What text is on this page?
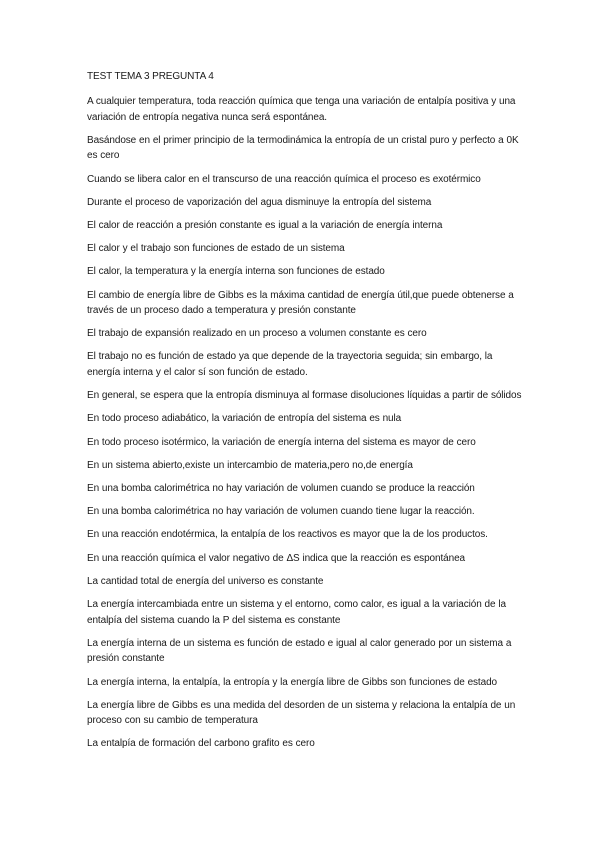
TEST TEMA 3 PREGUNTA 4
A cualquier temperatura, toda reacción química que tenga una variación de entalpía positiva y una variación de entropía negativa nunca será espontánea.
Basándose en el primer principio de la termodinámica la entropía de un cristal puro y perfecto a 0K es cero
Cuando se libera calor en el transcurso de una reacción química el proceso es exotérmico
Durante el proceso de vaporización del agua disminuye la entropía del sistema
El calor de reacción a presión constante es igual a la variación de energía interna
El calor y el trabajo son funciones de estado de un sistema
El calor, la temperatura y la energía interna son funciones de estado
El cambio de energía libre de Gibbs es la máxima cantidad de energía útil,que puede obtenerse a través de un proceso dado a temperatura y presión constante
El trabajo de expansión realizado en un proceso a volumen constante es cero
El trabajo no es función de estado ya que depende de la trayectoria seguida; sin embargo, la energía interna y el calor sí son función de estado.
En general, se espera que la entropía disminuya al formase disoluciones líquidas a partir de sólidos
En todo proceso adiabático, la variación de entropía del sistema es nula
En todo proceso isotérmico, la variación de energía interna del sistema es mayor de cero
En un sistema abierto,existe un intercambio de materia,pero no,de energía
En una bomba calorimétrica no hay variación de volumen cuando se produce la reacción
En una bomba calorimétrica no hay variación de volumen cuando tiene lugar la reacción.
En una reacción endotérmica, la entalpía de los reactivos es mayor que la de los productos.
En una reacción química el valor negativo de ΔS indica que la reacción es espontánea
La cantidad total de energía del universo es constante
La energía intercambiada entre un sistema y el entorno, como calor, es igual a la variación de la entalpía del sistema cuando la P del sistema es constante
La energía interna de un sistema es función de estado e igual al calor generado por un sistema a presión constante
La energía interna, la entalpía, la entropía y la energía libre de Gibbs son funciones de estado
La energía libre de Gibbs es una medida del desorden de un sistema y relaciona la entalpía de un proceso con su cambio de temperatura
La entalpía de formación del carbono grafito es cero
